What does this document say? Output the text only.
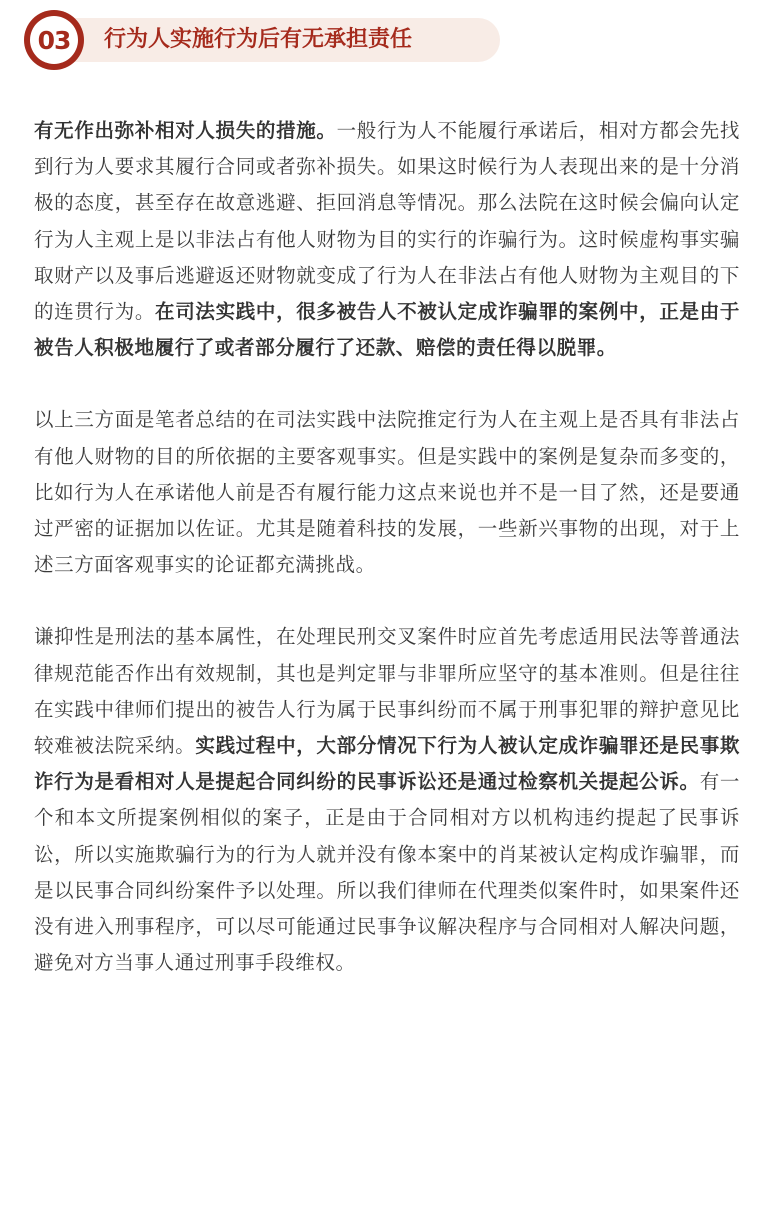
03	行为人实施行为后有无承担责任

有无作出弥补相对人损失的措施。一般行为人不能履行承诺后，相对方都会先找到行为人要求其履行合同或者弥补损失。如果这时候行为人表现出来的是十分消极的态度，甚至存在故意逃避、拒回消息等情况。那么法院在这时候会偏向认定行为人主观上是以非法占有他人财物为目的实行的诈骗行为。这时候虚构事实骗取财产以及事后逃避返还财物就变成了行为人在非法占有他人财物为主观目的下的连贯行为。在司法实践中，很多被告人不被认定成诈骗罪的案例中，正是由于被告人积极地履行了或者部分履行了还款、赔偿的责任得以脱罪。

以上三方面是笔者总结的在司法实践中法院推定行为人在主观上是否具有非法占有他人财物的目的所依据的主要客观事实。但是实践中的案例是复杂而多变的，比如行为人在承诺他人前是否有履行能力这点来说也并不是一目了然，还是要通过严密的证据加以佐证。尤其是随着科技的发展，一些新兴事物的出现，对于上述三方面客观事实的论证都充满挑战。

谦抑性是刑法的基本属性，在处理民刑交叉案件时应首先考虑适用民法等普通法律规范能否作出有效规制，其也是判定罪与非罪所应坚守的基本准则。但是往往在实践中律师们提出的被告人行为属于民事纠纷而不属于刑事犯罪的辩护意见比较难被法院采纳。实践过程中，大部分情况下行为人被认定成诈骗罪还是民事欺诈行为是看相对人是提起合同纠纷的民事诉讼还是通过检察机关提起公诉。有一个和本文所提案例相似的案子，正是由于合同相对方以机构违约提起了民事诉讼，所以实施欺骗行为的行为人就并没有像本案中的肖某被认定构成诈骗罪，而是以民事合同纠纷案件予以处理。所以我们律师在代理类似案件时，如果案件还没有进入刑事程序，可以尽可能通过民事争议解决程序与合同相对人解决问题，避免对方当事人通过刑事手段维权。
